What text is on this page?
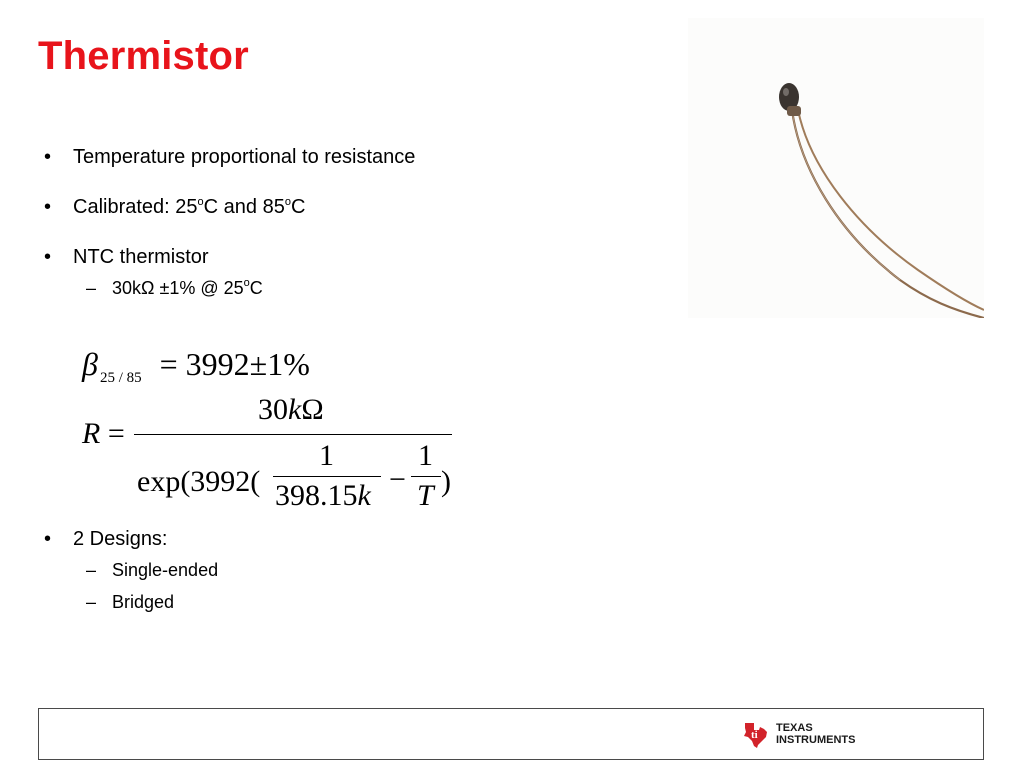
Thermistor
• Temperature proportional to resistance
• Calibrated: 25$^o$C and 85$^o$C
• NTC thermistor
– 30kΩ ±1% @ 25$^o$C
β $_{25 / 85}$ = 3992±1%
R =
30kΩ
exp(3992(
1
398.15k −
1
T )
• 2 Designs:
– Single-ended
– Bridged
ti
TEXAS
INSTRUMENTS
